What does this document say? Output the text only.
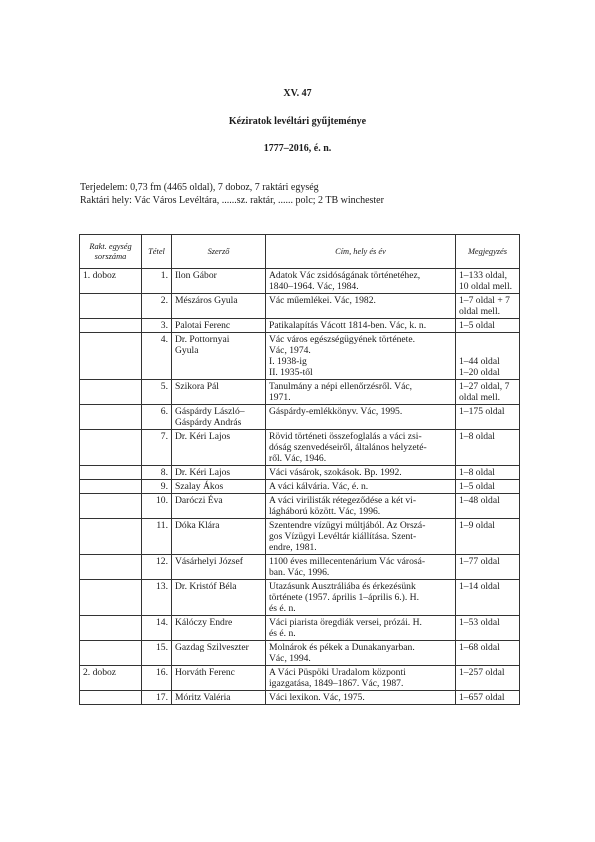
XV. 47
Kéziratok levéltári gyűjteménye
1777–2016, é. n.
Terjedelem: 0,73 fm (4465 oldal), 7 doboz, 7 raktári egység
Raktári hely: Vác Város Levéltára, ......sz. raktár, ...... polc; 2 TB winchester
Rakt. egység
sorszáma	Tétel	Szerző	Cím, hely és év	Megjegyzés
1. doboz	1.	Ilon Gábor	Adatok Vác zsidóságának történetéhez,
1840–1964. Vác, 1984.	1–133 oldal,
10 oldal mell.

	2.	Mészáros Gyula	Vác műemlékei. Vác, 1982.	1–7 oldal + 7
oldal mell.

	3.	Palotai Ferenc	Patikalapítás Vácott 1814-ben. Vác, k. n.	1–5 oldal

	4.	Dr. Pottornyai
Gyula	Vác város egészségügyének története.
Vác, 1974.
I. 1938-ig
II. 1935-től	1–44 oldal
1–20 oldal

	5.	Szikora Pál	Tanulmány a népi ellenőrzésről. Vác,
1971.	1–27 oldal, 7
oldal mell.

	6.	Gáspárdy László–
Gáspárdy András	Gáspárdy-emlékkönyv. Vác, 1995.	1–175 oldal

	7.	Dr. Kéri Lajos	Rövid történeti összefoglalás a váci zsi-
dóság szenvedéseiről, általános helyzeté-
ről. Vác, 1946.	1–8 oldal

	8.	Dr. Kéri Lajos	Váci vásárok, szokások. Bp. 1992.	1–8 oldal

	9.	Szalay Ákos	A váci kálvária. Vác, é. n.	1–5 oldal

	10.	Daróczi Éva	A váci virilisták rétegeződése a két vi-
lágháború között. Vác, 1996.	1–48 oldal

	11.	Dóka Klára	Szentendre vízügyi múltjából. Az Orszá-
gos Vízügyi Levéltár kiállítása. Szent-
endre, 1981.	1–9 oldal

	12.	Vásárhelyi József	1100 éves millecentenárium Vác városá-
ban. Vác, 1996.	1–77 oldal

	13.	Dr. Kristóf Béla	Utazásunk Ausztráliába és érkezésünk
története (1957. április 1–április 6.). H.
és é. n.	1–14 oldal

	14.	Kálóczy Endre	Váci piarista öregdiák versei, prózái. H.
és é. n.	1–53 oldal

	15.	Gazdag Szilveszter	Molnárok és pékek a Dunakanyarban.
Vác, 1994.	1–68 oldal

2. doboz	16.	Horváth Ferenc	A Váci Püspöki Uradalom központi
igazgatása, 1849–1867. Vác, 1987.	1–257 oldal

	17.	Móritz Valéria	Váci lexikon. Vác, 1975.	1–657 oldal
